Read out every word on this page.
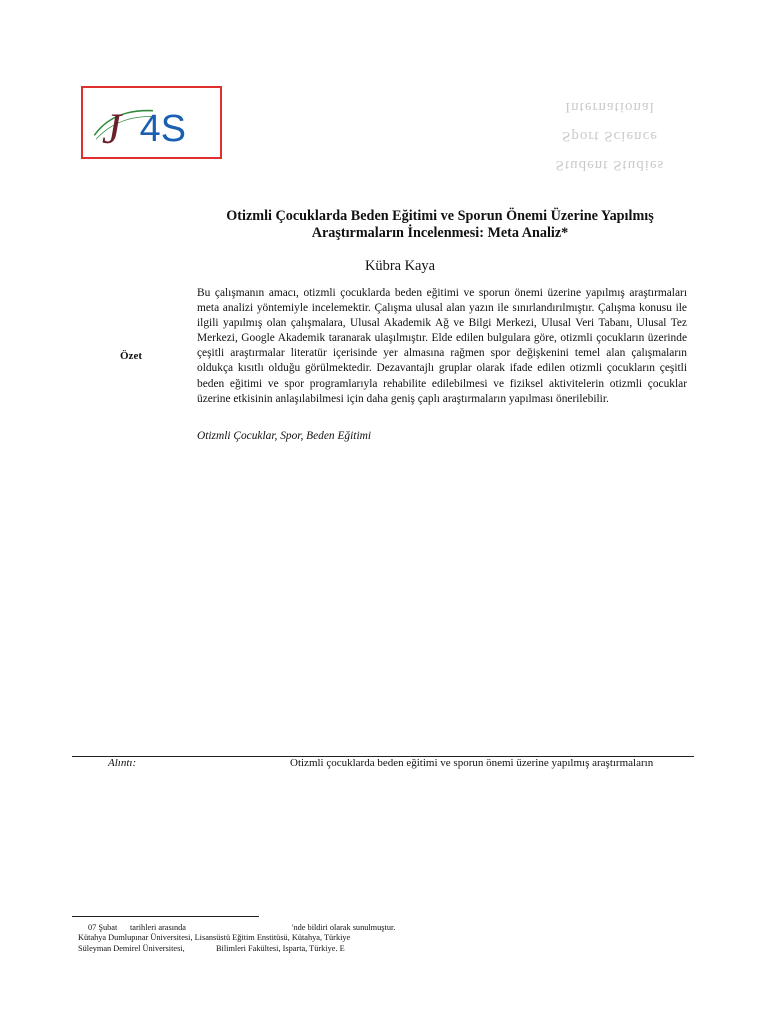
J 4S
Student Studies
Sport Science
International
Otizmli Çocuklarda Beden Eğitimi ve Sporun Önemi Üzerine Yapılmış
Araştırmaların İncelenmesi: Meta Analiz*
Kübra Kaya
Özet

Bu çalışmanın amacı, otizmli çocuklarda beden eğitimi ve sporun önemi üzerine yapılmış araştırmaları meta analizi yöntemiyle incelemektir. Çalışma ulusal alan yazın ile sınırlandırılmıştır. Çalışma konusu ile ilgili yapılmış olan çalışmalara, Ulusal Akademik Ağ ve Bilgi Merkezi, Ulusal Veri Tabanı, Ulusal Tez Merkezi, Google Akademik taranarak ulaşılmıştır. Elde edilen bulgulara göre, otizmli çocukların üzerinde çeşitli araştırmalar literatür içerisinde yer almasına rağmen spor değişkenini temel alan çalışmaların oldukça kısıtlı olduğu görülmektedir. Dezavantajlı gruplar olarak ifade edilen otizmli çocukların çeşitli beden eğitimi ve spor programlarıyla rehabilite edilebilmesi ve fiziksel aktivitelerin otizmli çocuklar üzerine etkisinin anlaşılabilmesi için daha geniş çaplı araştırmaların yapılması önerilebilir.

Otizmli Çocuklar, Spor, Beden Eğitimi
Alıntı:	Otizmli çocuklarda beden eğitimi ve sporun önemi üzerine yapılmış araştırmaların
07 Şubat tarihleri arasında	'nde bildiri olarak sunulmuştur.
Kütahya Dumlupınar Üniversitesi, Lisansüstü Eğitim Enstitüsü, Kütahya, Türkiye
Süleyman Demirel Üniversitesi,	Bilimleri Fakültesi, Isparta, Türkiye. E
